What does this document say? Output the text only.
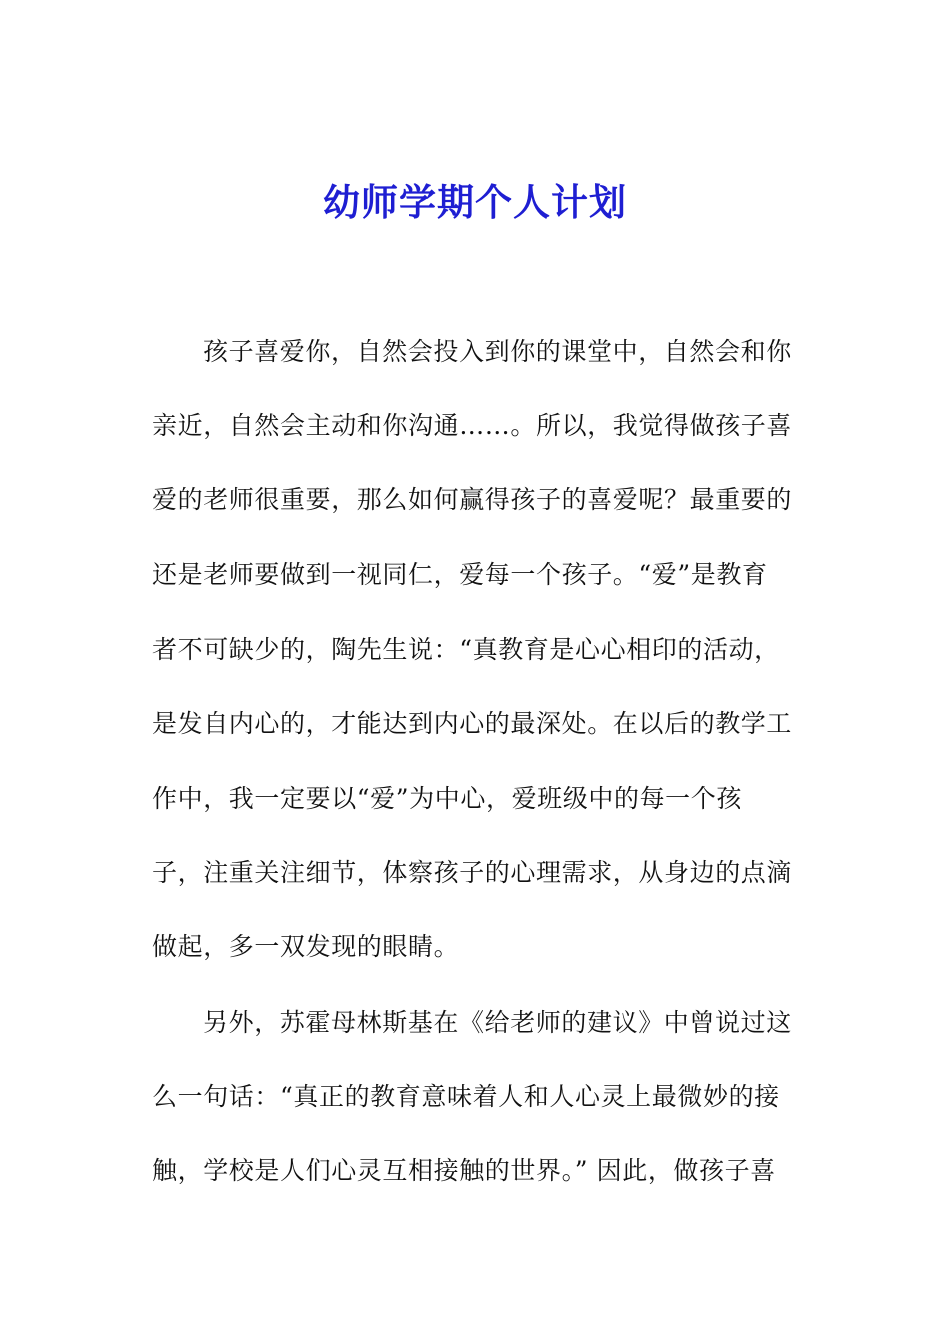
幼师学期个人计划
孩子喜爱你，自然会投入到你的课堂中，自然会和你
亲近，自然会主动和你沟通……。所以，我觉得做孩子喜
爱的老师很重要，那么如何赢得孩子的喜爱呢？最重要的
还是老师要做到一视同仁，爱每一个孩子。“爱”是教育
者不可缺少的，陶先生说：“真教育是心心相印的活动，
是发自内心的，才能达到内心的最深处。在以后的教学工
作中，我一定要以“爱”为中心，爱班级中的每一个孩
子，注重关注细节，体察孩子的心理需求，从身边的点滴
做起，多一双发现的眼睛。
另外，苏霍母林斯基在《给老师的建议》中曾说过这
么一句话：“真正的教育意味着人和人心灵上最微妙的接
触，学校是人们心灵互相接触的世界。” 因此，做孩子喜
